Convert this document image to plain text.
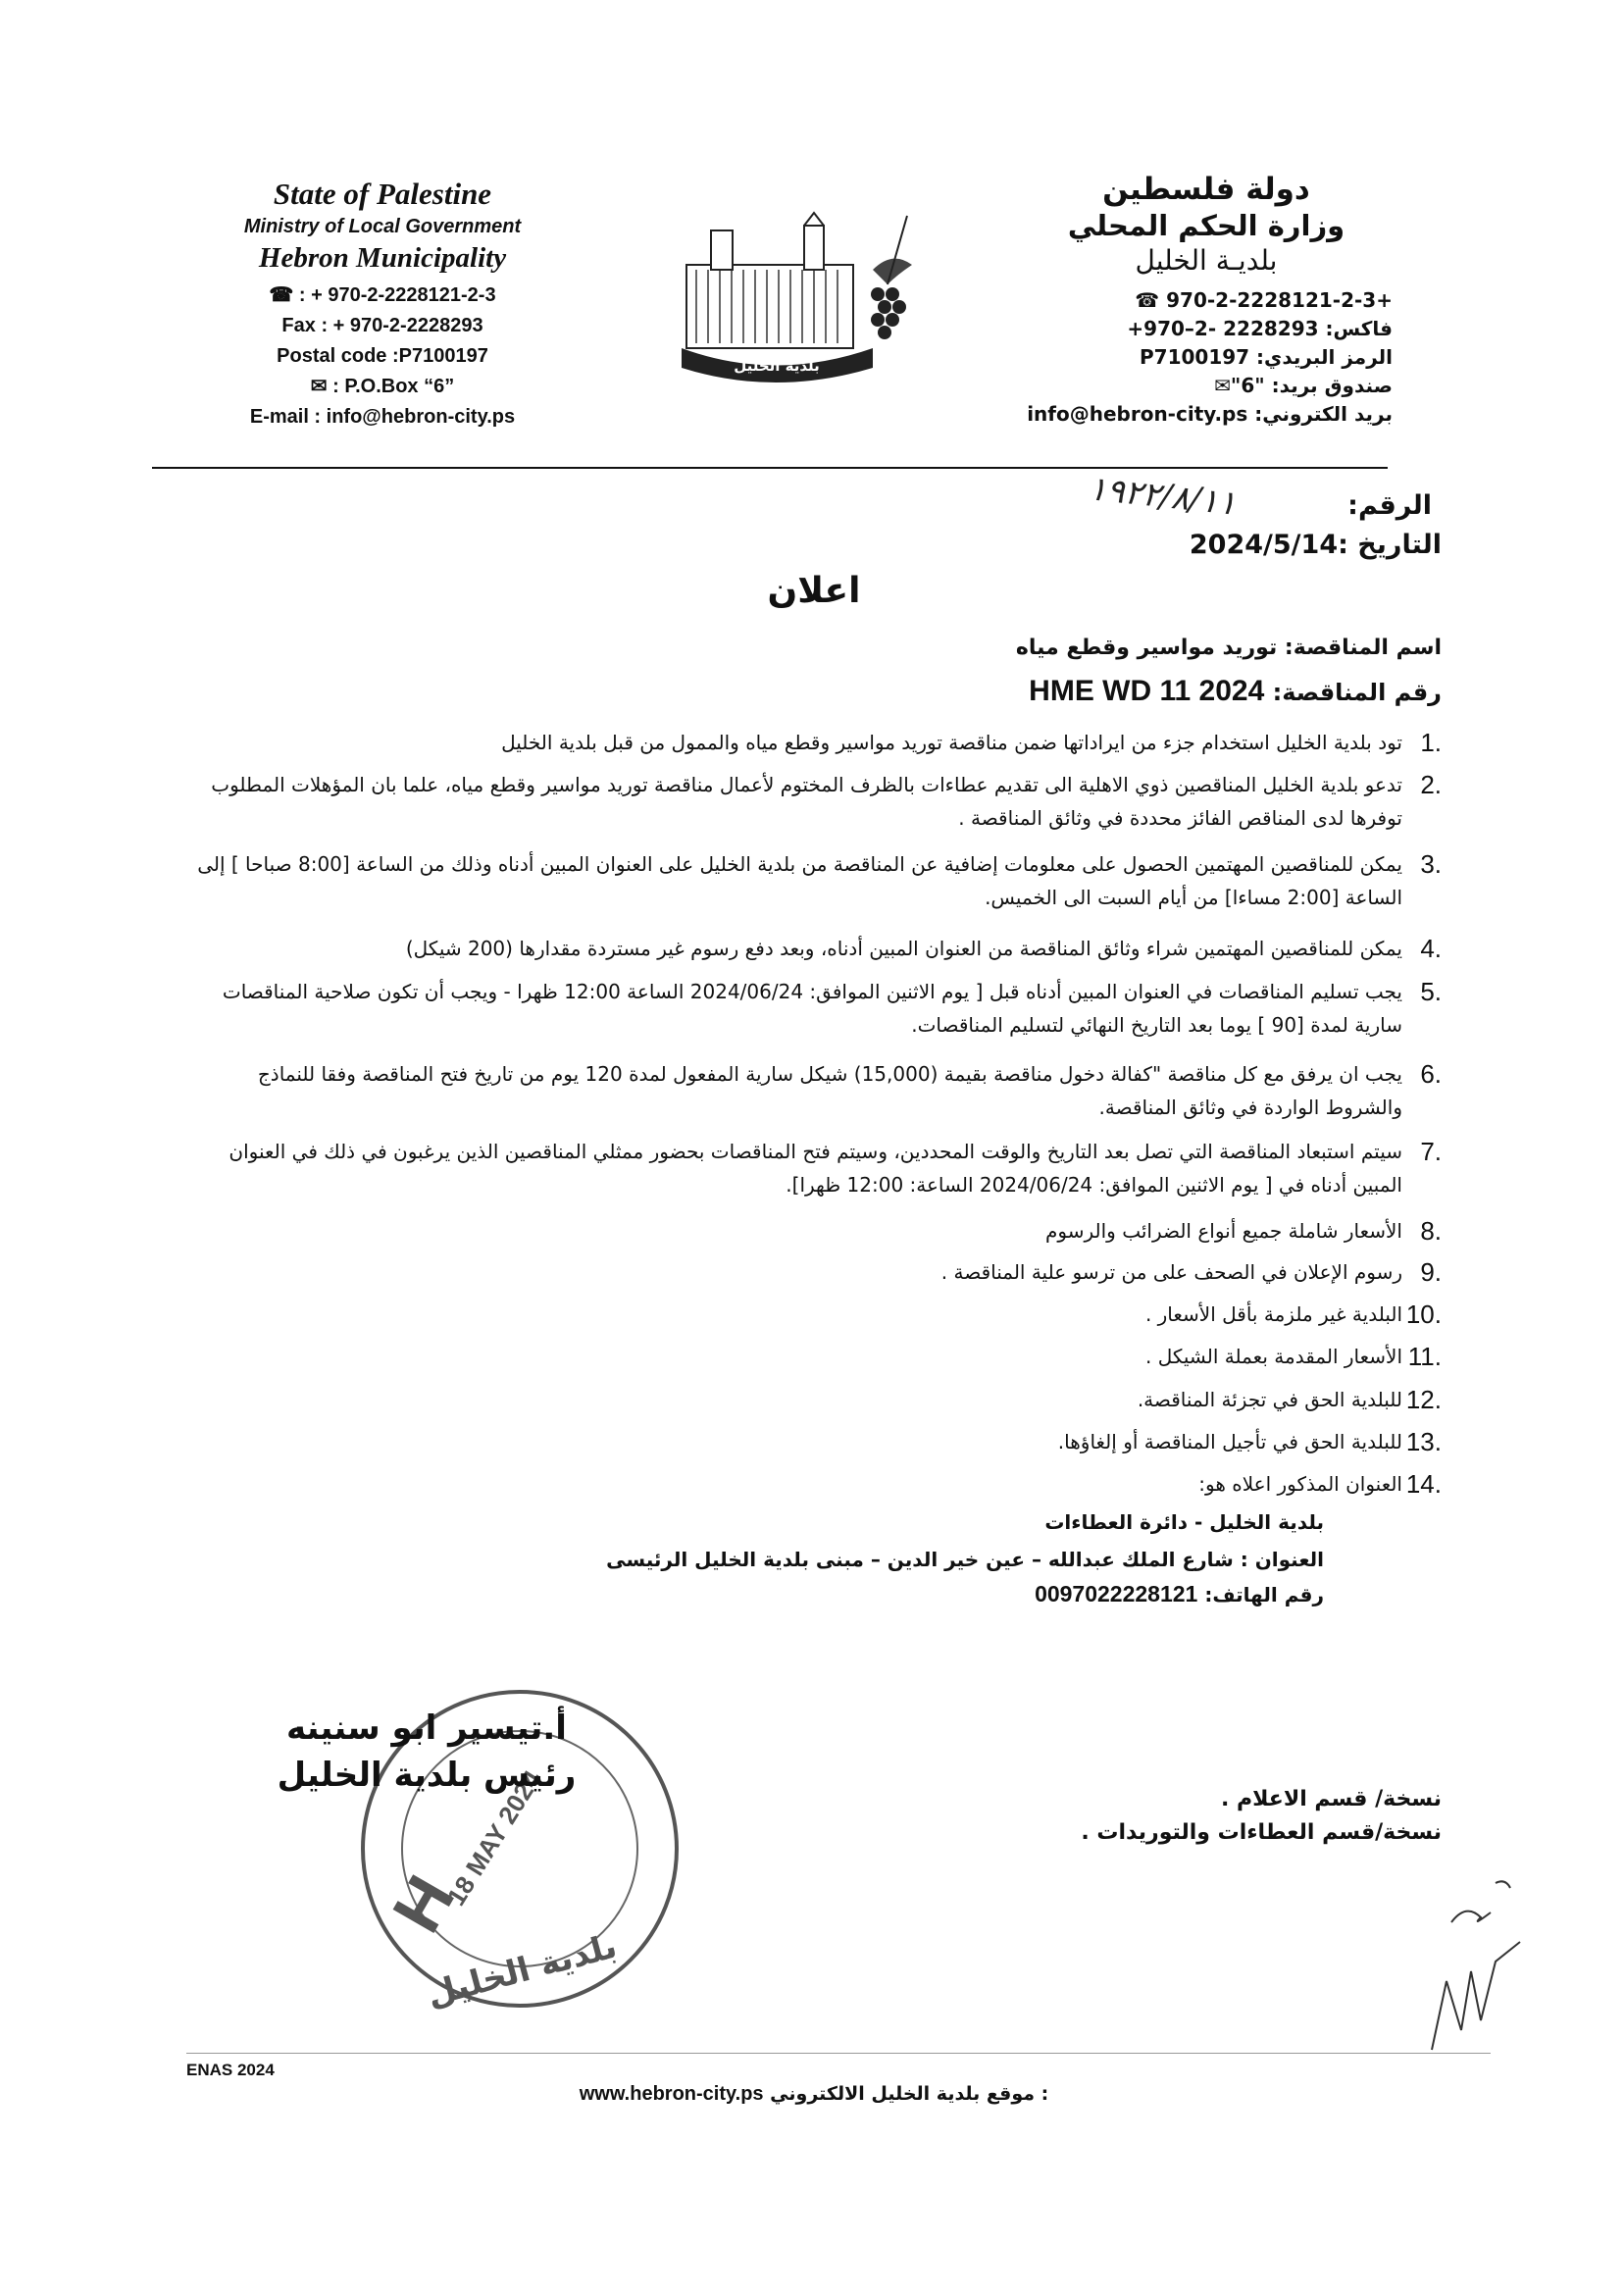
State of Palestine
Ministry of Local Government
Hebron Municipality
☎ : + 970-2-2228121-2-3
Fax : + 970-2-2228293
Postal code :P7100197
✉ : P.O.Box “6”
E-mail : info@hebron-city.ps
بلدية الخليل
دولة فلسطين
وزارة الحكم المحلي
بلديـة الخليل
+970-2-2228121-2-3 ☎
فاكس: 2228293 -2–970+
الرمز البريدي: P7100197
صندوق بريد: "6"✉
بريد الكتروني: info@hebron-city.ps
الرقم:
۱۹۲۲/۸/۱۱
التاريخ :2024/5/14
اعلان
اسم المناقصة: توريد مواسير وقطع مياه
رقم المناقصة: HME WD 11 2024
1.
تود بلدية الخليل استخدام جزء من ايراداتها ضمن مناقصة توريد مواسير وقطع مياه والممول من قبل بلدية الخليل
2.
تدعو بلدية الخليل المناقصين ذوي الاهلية الى تقديم عطاءات بالظرف المختوم لأعمال مناقصة توريد مواسير وقطع مياه، علما بان المؤهلات المطلوب توفرها لدى المناقص الفائز محددة في وثائق المناقصة .
3.
يمكن للمناقصين المهتمين الحصول على معلومات إضافية عن المناقصة من بلدية الخليل على العنوان المبين أدناه وذلك من الساعة [8:00 صباحا ] إلى الساعة [2:00 مساءا] من أيام السبت الى الخميس.
4.
يمكن للمناقصين المهتمين شراء وثائق المناقصة من العنوان المبين أدناه، وبعد دفع رسوم غير مستردة مقدارها (200 شيكل)
5.
يجب تسليم المناقصات في العنوان المبين أدناه قبل [ يوم الاثنين الموافق: 2024/06/24 الساعة 12:00 ظهرا - ويجب أن تكون صلاحية المناقصات سارية لمدة [90 ] يوما بعد التاريخ النهائي لتسليم المناقصات.
6.
يجب ان يرفق مع كل مناقصة "كفالة دخول مناقصة بقيمة (15,000) شيكل سارية المفعول لمدة 120 يوم من تاريخ فتح المناقصة وفقا للنماذج والشروط الواردة في وثائق المناقصة.
7.
سيتم استبعاد المناقصة التي تصل بعد التاريخ والوقت المحددين، وسيتم فتح المناقصات بحضور ممثلي المناقصين الذين يرغبون في ذلك في العنوان المبين أدناه في [ يوم الاثنين الموافق: 2024/06/24 الساعة: 12:00 ظهرا].
8.
الأسعار شاملة جميع أنواع الضرائب والرسوم
9.
رسوم الإعلان في الصحف على من ترسو علية المناقصة .
10.
البلدية غير ملزمة بأقل الأسعار .
11.
الأسعار المقدمة بعملة الشيكل .
12.
للبلدية الحق في تجزئة المناقصة.
13.
للبلدية الحق في تأجيل المناقصة أو إلغاؤها.
14.
العنوان المذكور اعلاه هو:
بلدية الخليل - دائرة العطاءات
العنوان : شارع الملك عبدالله – عين خير الدين – مبنى بلدية الخليل الرئيسى
رقم الهاتف: 0097022228121
H
18 MAY 2024
بلدية الخليل
أ.تيسير ابو سنينه
رئيس بلدية الخليل
نسخة/ قسم الاعلام .
نسخة/قسم العطاءات والتوريدات .
ENAS 2024
www.hebron-city.ps موقع بلدية الخليل الالكتروني :
